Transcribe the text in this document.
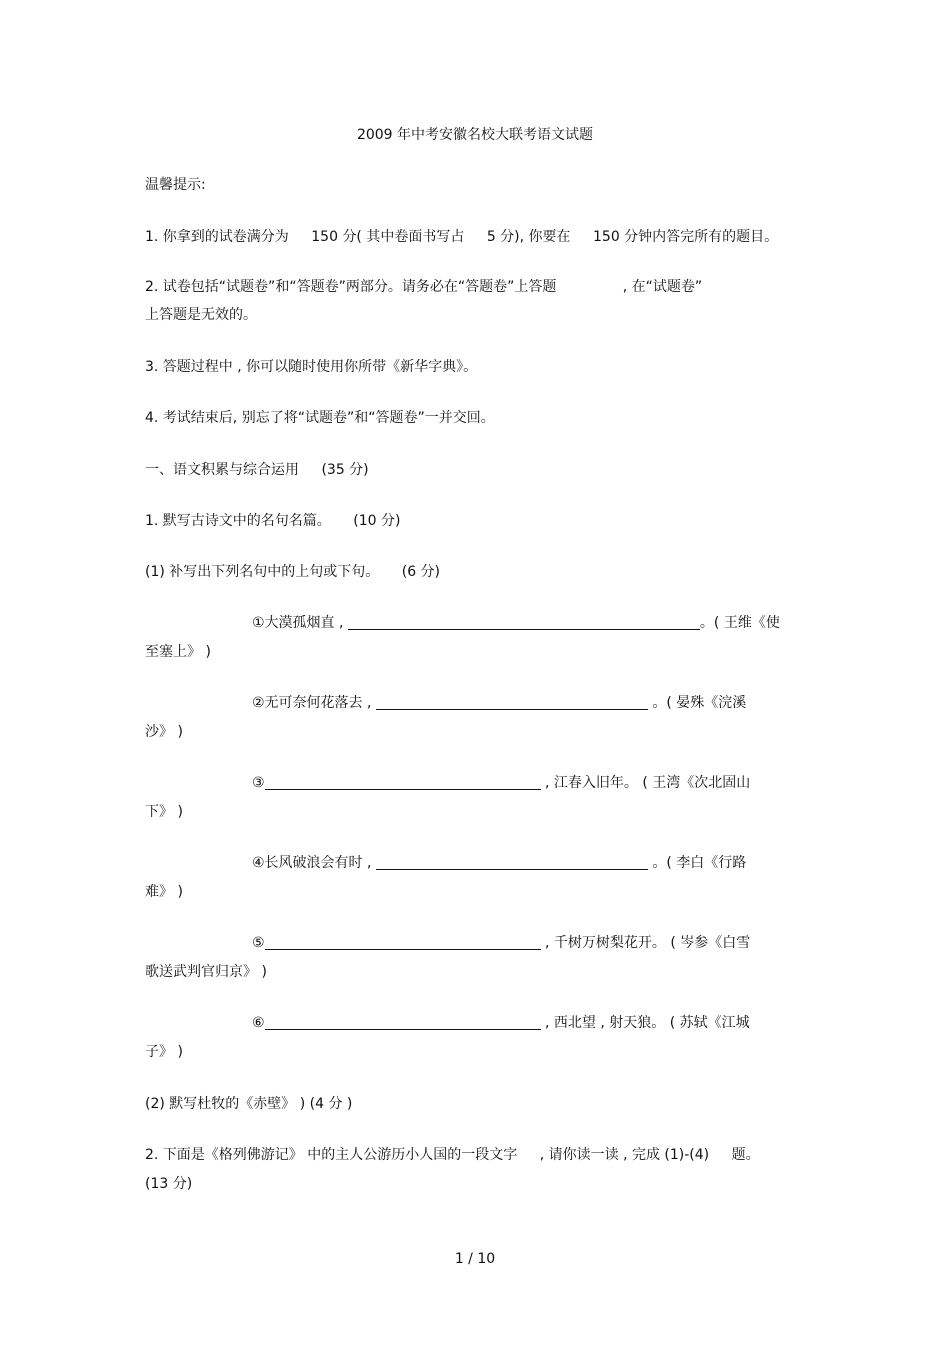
2009 年中考安徽名校大联考语文试题
温馨提示:
1. 你拿到的试卷满分为 150 分( 其中卷面书写占 5 分), 你要在 150 分钟内答完所有的题目。
2. 试卷包括“试题卷”和“答题卷”两部分。请务必在“答题卷”上答题	, 在“试题卷”
上答题是无效的。
3. 答题过程中 , 你可以随时使用你所带《新华字典》。
4. 考试结束后, 别忘了将“试题卷”和“答题卷”一并交回。
一、语文积累与综合运用 (35 分)
1. 默写古诗文中的名句名篇。 (10 分)
(1) 补写出下列名句中的上句或下句。 (6 分)
①大漠孤烟直 ,	。( 王维《使
至塞上》 )
②无可奈何花落去 ,	。( 晏殊《浣溪
沙》 )
③	, 江春入旧年。 ( 王湾《次北固山
下》 )
④长风破浪会有时 ,	。( 李白《行路
难》 )
⑤	, 千树万树梨花开。 ( 岑参《白雪
歌送武判官归京》 )
⑥	, 西北望 , 射天狼。 ( 苏轼《江城
子》 )
(2) 默写杜牧的《赤壁》 ) (4 分 )
2. 下面是《格列佛游记》 中的主人公游历小人国的一段文字 , 请你读一读 , 完成 (1)-(4) 题。
(13 分)
1 / 10
